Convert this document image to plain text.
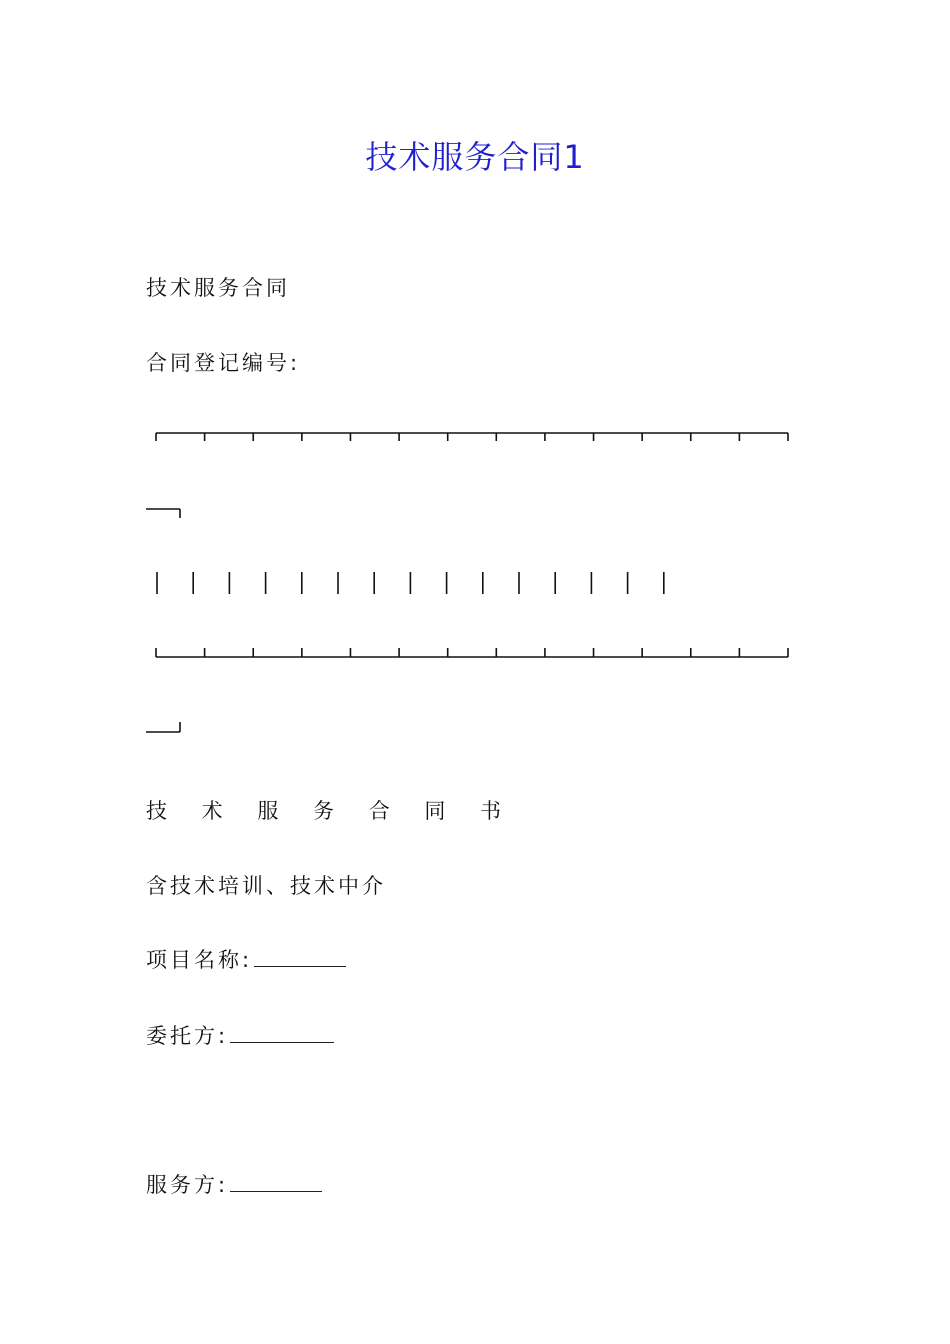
技术服务合同1
技术服务合同
合同登记编号:
技 术 服 务 合 同 书
含技术培训、技术中介
项目名称:
委托方:
服务方:
